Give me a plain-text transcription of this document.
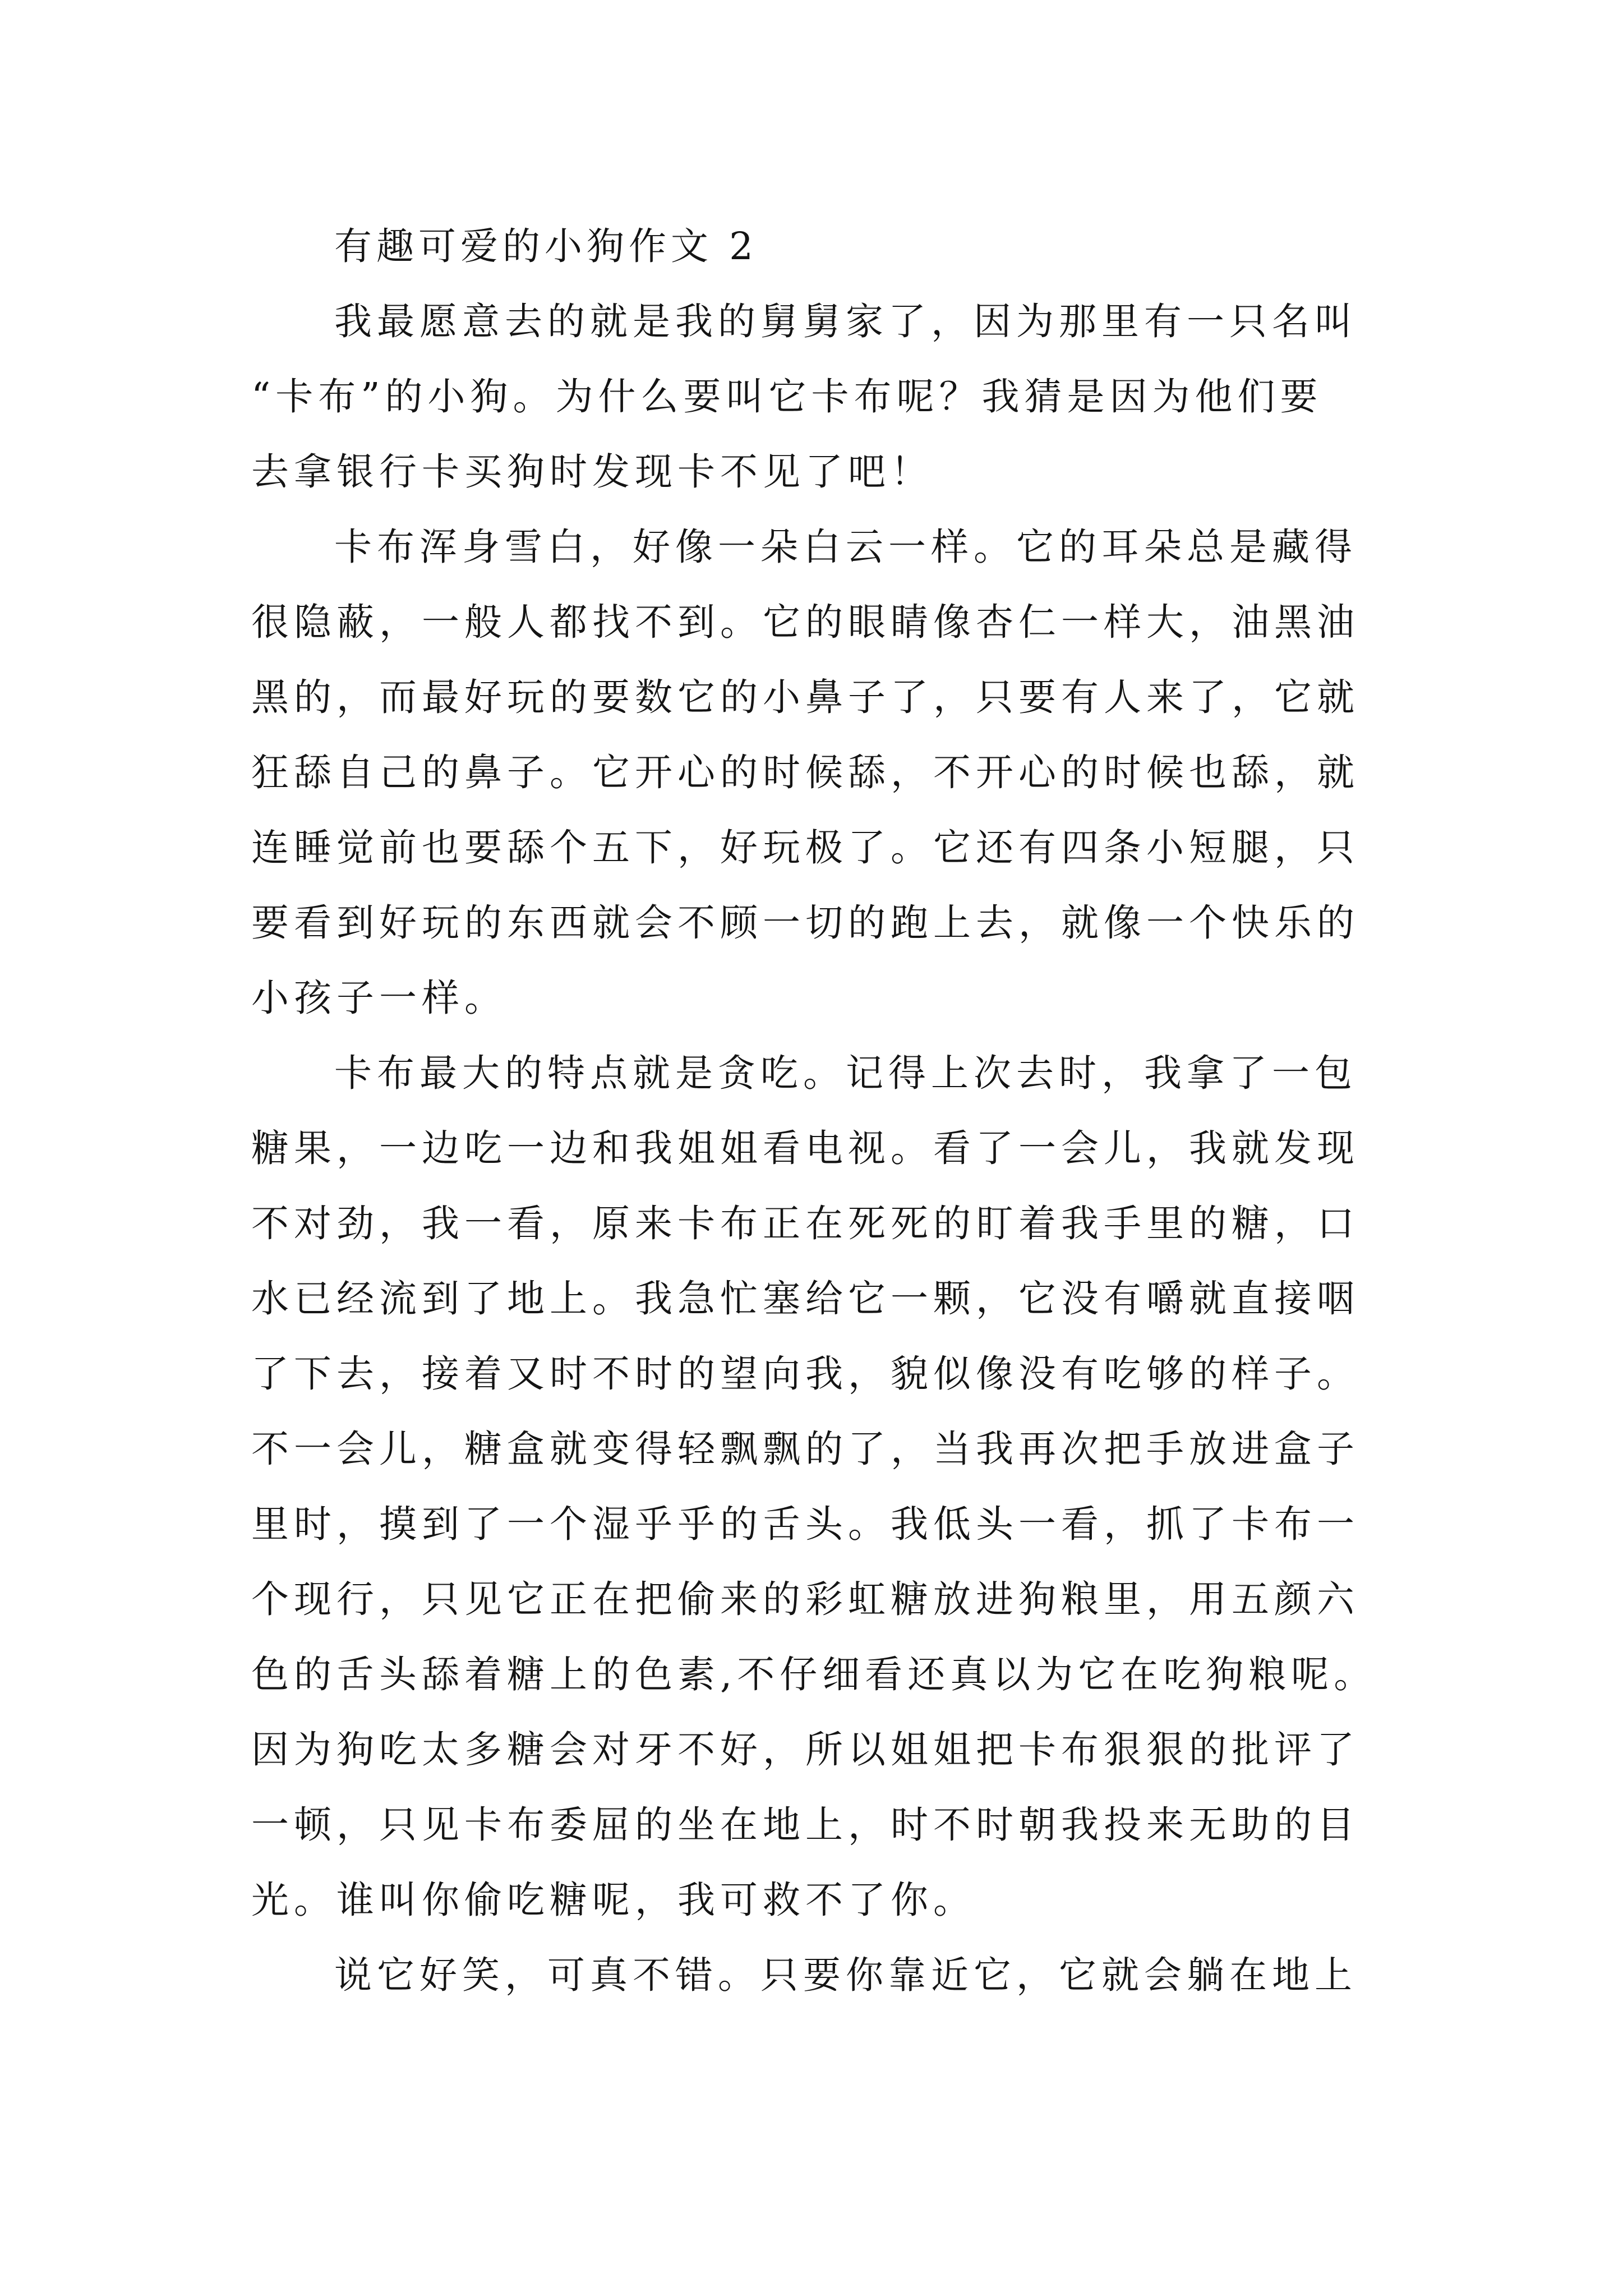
有趣可爱的小狗作文 2
我最愿意去的就是我的舅舅家了，因为那里有一只名叫
“卡布”的小狗。为什么要叫它卡布呢？我猜是因为他们要
去拿银行卡买狗时发现卡不见了吧！
卡布浑身雪白，好像一朵白云一样。它的耳朵总是藏得
很隐蔽，一般人都找不到。它的眼睛像杏仁一样大，油黑油
黑的，而最好玩的要数它的小鼻子了，只要有人来了，它就
狂舔自己的鼻子。它开心的时候舔，不开心的时候也舔，就
连睡觉前也要舔个五下，好玩极了。它还有四条小短腿，只
要看到好玩的东西就会不顾一切的跑上去，就像一个快乐的
小孩子一样。
卡布最大的特点就是贪吃。记得上次去时，我拿了一包
糖果，一边吃一边和我姐姐看电视。看了一会儿，我就发现
不对劲，我一看，原来卡布正在死死的盯着我手里的糖，口
水已经流到了地上。我急忙塞给它一颗，它没有嚼就直接咽
了下去，接着又时不时的望向我，貌似像没有吃够的样子。
不一会儿，糖盒就变得轻飘飘的了，当我再次把手放进盒子
里时，摸到了一个湿乎乎的舌头。我低头一看，抓了卡布一
个现行，只见它正在把偷来的彩虹糖放进狗粮里，用五颜六
色的舌头舔着糖上的色素,不仔细看还真以为它在吃狗粮呢。
因为狗吃太多糖会对牙不好，所以姐姐把卡布狠狠的批评了
一顿，只见卡布委屈的坐在地上，时不时朝我投来无助的目
光。谁叫你偷吃糖呢，我可救不了你。
说它好笑，可真不错。只要你靠近它，它就会躺在地上
